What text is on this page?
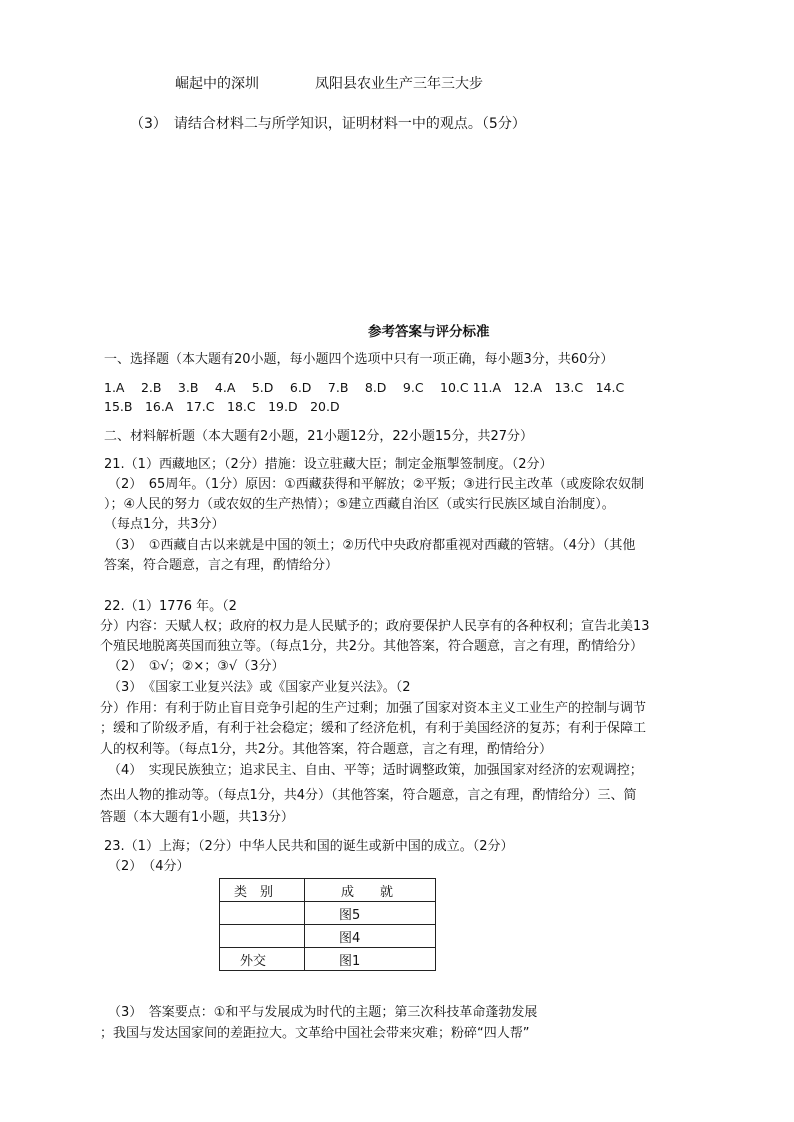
崛起中的深圳	凤阳县农业生产三年三大步
（3）　请结合材料二与所学知识，证明材料一中的观点。（5分）
参考答案与评分标准
一、选择题（本大题有20小题，每小题四个选项中只有一项正确，每小题3分，共60分）
1.A　 2.B　 3.B　 4.A　 5.D　 6.D　 7.B　 8.D　 9.C　 10.C 11.A　12.A　13.C　14.C
15.B　16.A　17.C　18.C　19.D　20.D
二、材料解析题（本大题有2小题，21小题12分，22小题15分，共27分）
21.（1）西藏地区；（2分）措施：设立驻藏大臣；制定金瓶掣签制度。（2分）
（2）　65周年。（1分）原因：①西藏获得和平解放；②平叛；③进行民主改革（或废除农奴制
）；④人民的努力（或农奴的生产热情）；⑤建立西藏自治区（或实行民族区域自治制度）。
（每点1分，共3分）
（3）　①西藏自古以来就是中国的领土；②历代中央政府都重视对西藏的管辖。（4分）（其他
答案，符合题意，言之有理，酌情给分）
22.（1）1776 年。（2
分）内容：天赋人权；政府的权力是人民赋予的；政府要保护人民享有的各种权利；宣告北美13
个殖民地脱离英国而独立等。（每点1分，共2分。其他答案，符合题意，言之有理，酌情给分）
（2）　①√；②×；③√（3分）
（3）　《国家工业复兴法》或《国家产业复兴法》。（2
分）作用：有利于防止盲目竞争引起的生产过剩；加强了国家对资本主义工业生产的控制与调节
；缓和了阶级矛盾，有利于社会稳定；缓和了经济危机，有利于美国经济的复苏；有利于保障工
人的权利等。（每点1分，共2分。其他答案，符合题意，言之有理，酌情给分）
（4）　实现民族独立；追求民主、自由、平等；适时调整政策，加强国家对经济的宏观调控；
杰出人物的推动等。（每点1分，共4分）（其他答案，符合题意，言之有理，酌情给分）三、简
答题（本大题有1小题，共13分）
23.（1）上海；（2分）中华人民共和国的诞生或新中国的成立。（2分）
（2）　（4分）
类　别	成　　就
	图5
	图4
外交	图1
（3）　答案要点：①和平与发展成为时代的主题；第三次科技革命蓬勃发展
；我国与发达国家间的差距拉大。文革给中国社会带来灾难；粉碎“四人帮”
